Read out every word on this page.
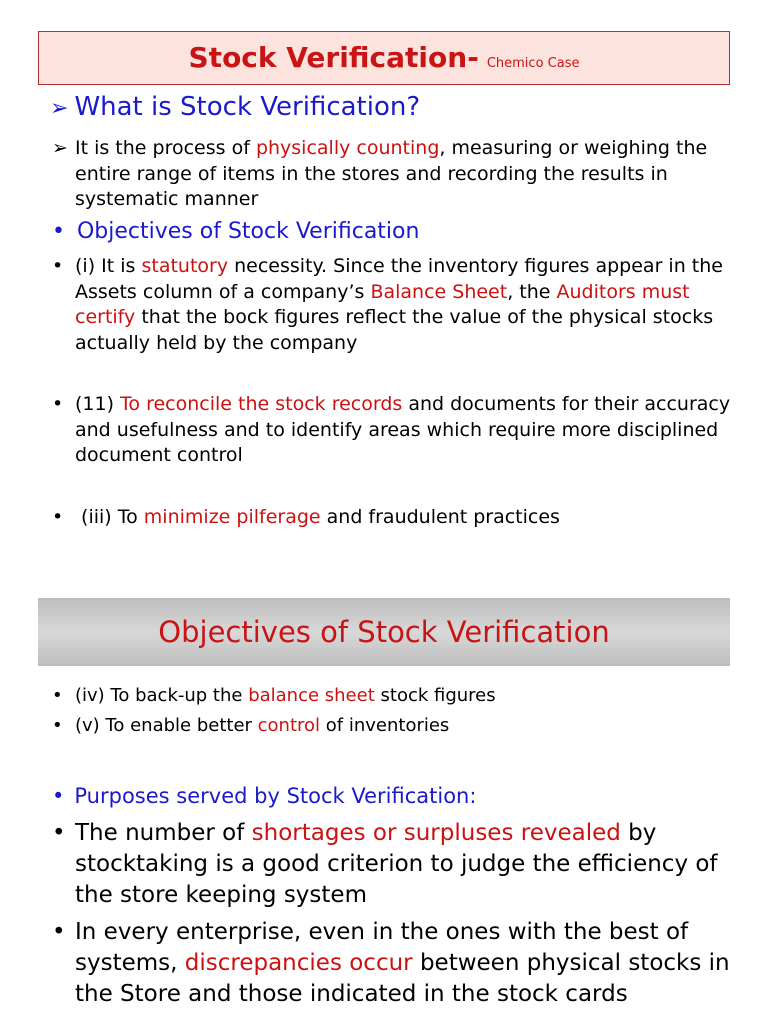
Stock Verification- Chemico Case
➢ What is Stock Verification?
➢ It is the process of physically counting, measuring or weighing the entire range of items in the stores and recording the results in systematic manner
• Objectives of Stock Verification
• (i) It is statutory necessity. Since the inventory figures appear in the Assets column of a company’s Balance Sheet, the Auditors must certify that the bock figures reflect the value of the physical stocks actually held by the company
• (11) To reconcile the stock records and documents for their accuracy and usefulness and to identify areas which require more disciplined document control
• (iii) To minimize pilferage and fraudulent practices
Objectives of Stock Verification
• (iv) To back-up the balance sheet stock figures
• (v) To enable better control of inventories
• Purposes served by Stock Verification:
• The number of shortages or surpluses revealed by stocktaking is a good criterion to judge the efficiency of the store keeping system
• In every enterprise, even in the ones with the best of systems, discrepancies occur between physical stocks in the Store and those indicated in the stock cards
